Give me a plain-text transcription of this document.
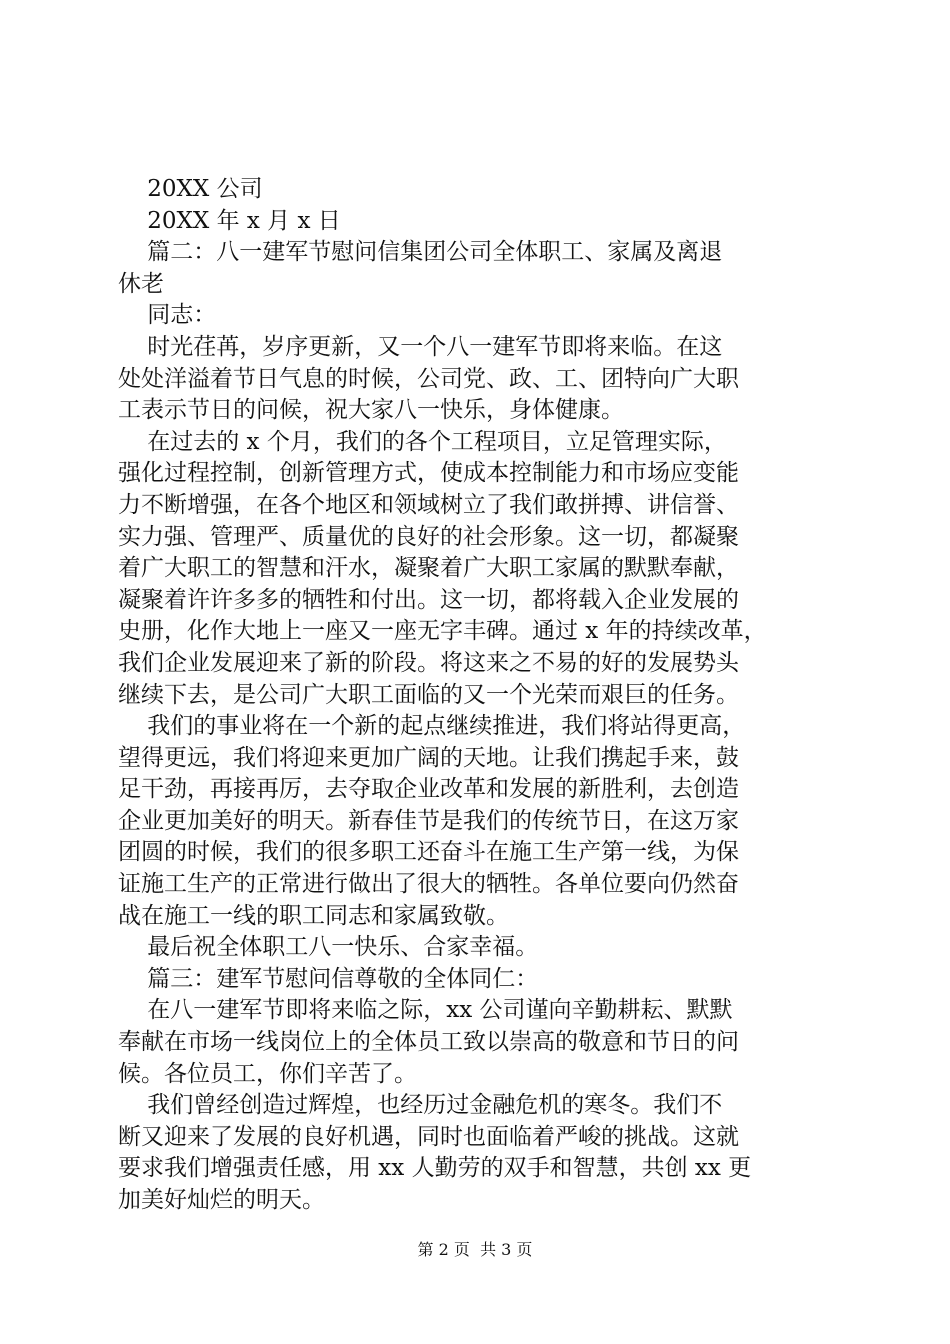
20XX 公司

20XX 年 x 月 x 日

篇二：八一建军节慰问信集团公司全体职工、家属及离退

休老

同志：

时光荏苒，岁序更新，又一个八一建军节即将来临。在这

处处洋溢着节日气息的时候，公司党、政、工、团特向广大职

工表示节日的问候，祝大家八一快乐，身体健康。

在过去的 x 个月，我们的各个工程项目，立足管理实际，

强化过程控制，创新管理方式，使成本控制能力和市场应变能

力不断增强，在各个地区和领域树立了我们敢拼搏、讲信誉、

实力强、管理严、质量优的良好的社会形象。这一切，都凝聚

着广大职工的智慧和汗水，凝聚着广大职工家属的默默奉献，

凝聚着许许多多的牺牲和付出。这一切，都将载入企业发展的

史册，化作大地上一座又一座无字丰碑。通过 x 年的持续改革，

我们企业发展迎来了新的阶段。将这来之不易的好的发展势头

继续下去，是公司广大职工面临的又一个光荣而艰巨的任务。

我们的事业将在一个新的起点继续推进，我们将站得更高，

望得更远，我们将迎来更加广阔的天地。让我们携起手来，鼓

足干劲，再接再厉，去夺取企业改革和发展的新胜利，去创造

企业更加美好的明天。新春佳节是我们的传统节日，在这万家

团圆的时候，我们的很多职工还奋斗在施工生产第一线，为保

证施工生产的正常进行做出了很大的牺牲。各单位要向仍然奋

战在施工一线的职工同志和家属致敬。

最后祝全体职工八一快乐、合家幸福。

篇三：建军节慰问信尊敬的全体同仁：

在八一建军节即将来临之际，xx 公司谨向辛勤耕耘、默默

奉献在市场一线岗位上的全体员工致以崇高的敬意和节日的问

候。各位员工，你们辛苦了。

我们曾经创造过辉煌，也经历过金融危机的寒冬。我们不

断又迎来了发展的良好机遇，同时也面临着严峻的挑战。这就

要求我们增强责任感，用 xx 人勤劳的双手和智慧，共创 xx 更

加美好灿烂的明天。

第 2 页  共 3 页
